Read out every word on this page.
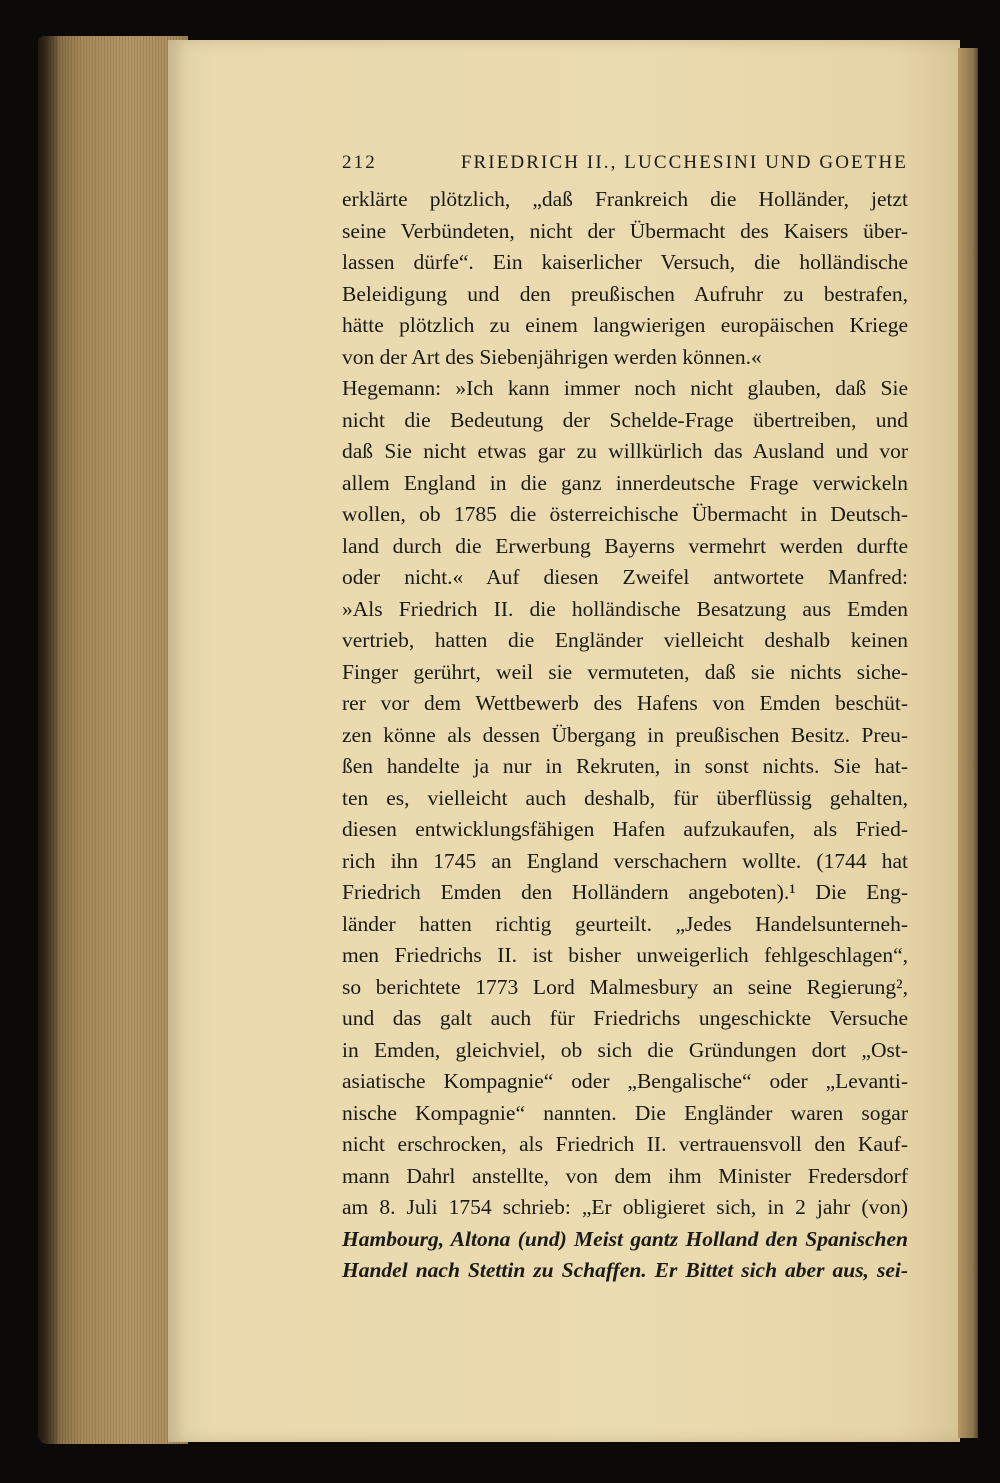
212	FRIEDRICH II., LUCCHESINI UND GOETHE
erklärte plötzlich, „daß Frankreich die Holländer, jetzt
seine Verbündeten, nicht der Übermacht des Kaisers über-
lassen dürfe“. Ein kaiserlicher Versuch, die holländische
Beleidigung und den preußischen Aufruhr zu bestrafen,
hätte plötzlich zu einem langwierigen europäischen Kriege
von der Art des Siebenjährigen werden können.«
Hegemann: »Ich kann immer noch nicht glauben, daß Sie
nicht die Bedeutung der Schelde-Frage übertreiben, und
daß Sie nicht etwas gar zu willkürlich das Ausland und vor
allem England in die ganz innerdeutsche Frage verwickeln
wollen, ob 1785 die österreichische Übermacht in Deutsch-
land durch die Erwerbung Bayerns vermehrt werden durfte
oder nicht.« Auf diesen Zweifel antwortete Manfred:
»Als Friedrich II. die holländische Besatzung aus Emden
vertrieb, hatten die Engländer vielleicht deshalb keinen
Finger gerührt, weil sie vermuteten, daß sie nichts siche-
rer vor dem Wettbewerb des Hafens von Emden beschüt-
zen könne als dessen Übergang in preußischen Besitz. Preu-
ßen handelte ja nur in Rekruten, in sonst nichts. Sie hat-
ten es, vielleicht auch deshalb, für überflüssig gehalten,
diesen entwicklungsfähigen Hafen aufzukaufen, als Fried-
rich ihn 1745 an England verschachern wollte. (1744 hat
Friedrich Emden den Holländern angeboten).¹ Die Eng-
länder hatten richtig geurteilt. „Jedes Handelsunterneh-
men Friedrichs II. ist bisher unweigerlich fehlgeschlagen“,
so berichtete 1773 Lord Malmesbury an seine Regierung²,
und das galt auch für Friedrichs ungeschickte Versuche
in Emden, gleichviel, ob sich die Gründungen dort „Ost-
asiatische Kompagnie“ oder „Bengalische“ oder „Levanti-
nische Kompagnie“ nannten. Die Engländer waren sogar
nicht erschrocken, als Friedrich II. vertrauensvoll den Kauf-
mann Dahrl anstellte, von dem ihm Minister Fredersdorf
am 8. Juli 1754 schrieb: „Er obligieret sich, in 2 jahr (von)
Hambourg, Altona (und) Meist gantz Holland den Spanischen
Handel nach Stettin zu Schaffen. Er Bittet sich aber aus, sei-
